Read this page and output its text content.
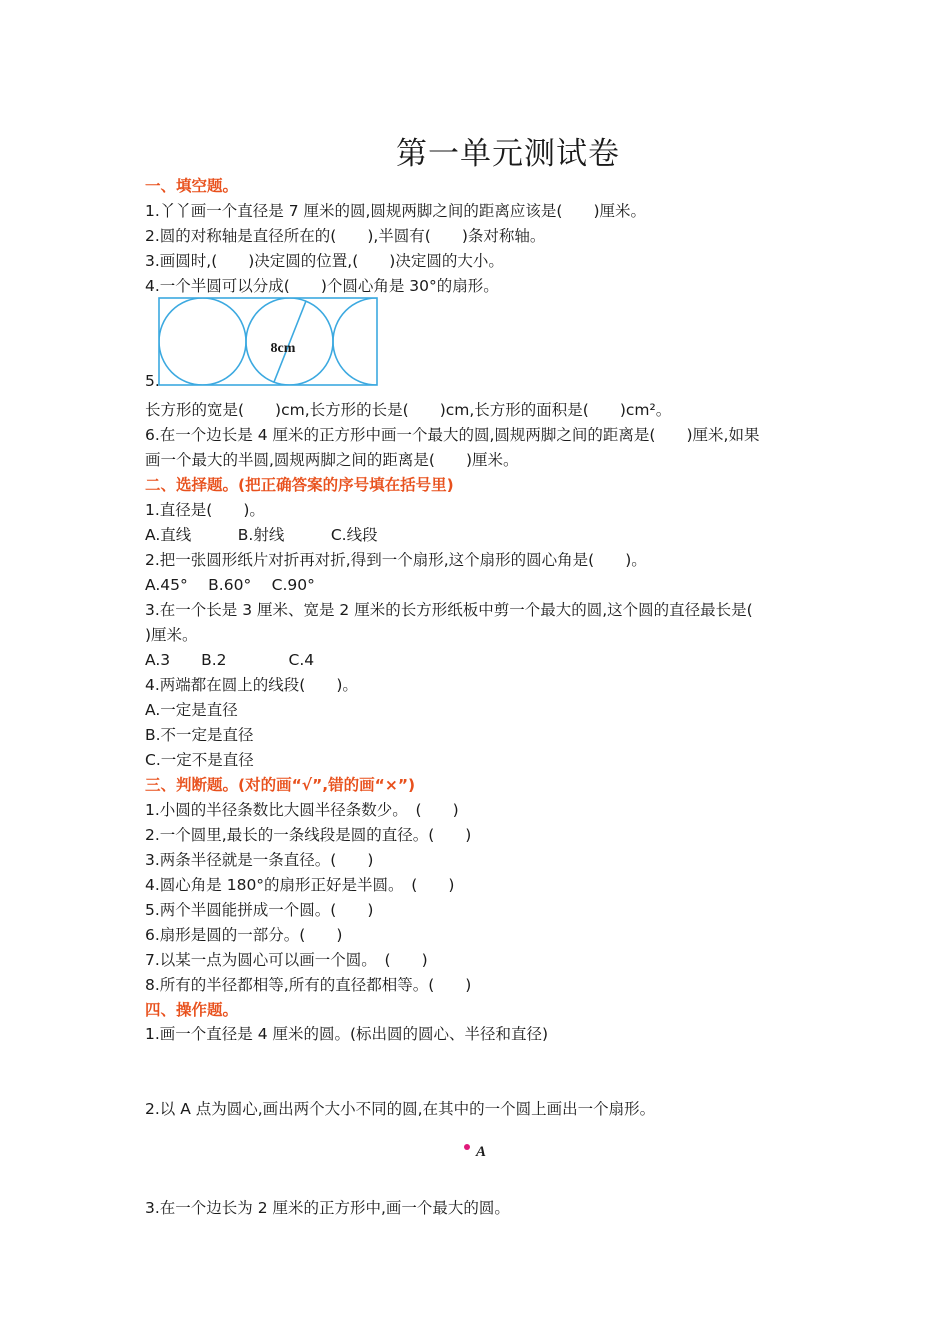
第一单元测试卷
一、填空题。
1.丫丫画一个直径是 7 厘米的圆,圆规两脚之间的距离应该是(　　)厘米。
2.圆的对称轴是直径所在的(　　),半圆有(　　)条对称轴。
3.画圆时,(　　)决定圆的位置,(　　)决定圆的大小。
4.一个半圆可以分成(　　)个圆心角是 30°的扇形。
5.
8cm
长方形的宽是(　　)cm,长方形的长是(　　)cm,长方形的面积是(　　)cm²。
6.在一个边长是 4 厘米的正方形中画一个最大的圆,圆规两脚之间的距离是(　　)厘米,如果
画一个最大的半圆,圆规两脚之间的距离是(　　)厘米。
二、选择题。(把正确答案的序号填在括号里)
1.直径是(　　)。
A.直线　　　B.射线　　　C.线段
2.把一张圆形纸片对折再对折,得到一个扇形,这个扇形的圆心角是(　　)。
A.45°　 B.60°　 C.90°
3.在一个长是 3 厘米、宽是 2 厘米的长方形纸板中剪一个最大的圆,这个圆的直径最长是(
)厘米。
A.3　　B.2　　　　C.4
4.两端都在圆上的线段(　　)。
A.一定是直径
B.不一定是直径
C.一定不是直径
三、判断题。(对的画“√”,错的画“×”)
1.小圆的半径条数比大圆半径条数少。　(　　)
2.一个圆里,最长的一条线段是圆的直径。(　　)
3.两条半径就是一条直径。(　　)
4.圆心角是 180°的扇形正好是半圆。　(　　)
5.两个半圆能拼成一个圆。(　　)
6.扇形是圆的一部分。(　　)
7.以某一点为圆心可以画一个圆。　(　　)
8.所有的半径都相等,所有的直径都相等。(　　)
四、操作题。
1.画一个直径是 4 厘米的圆。(标出圆的圆心、半径和直径)
2.以 A 点为圆心,画出两个大小不同的圆,在其中的一个圆上画出一个扇形。
A
3.在一个边长为 2 厘米的正方形中,画一个最大的圆。
